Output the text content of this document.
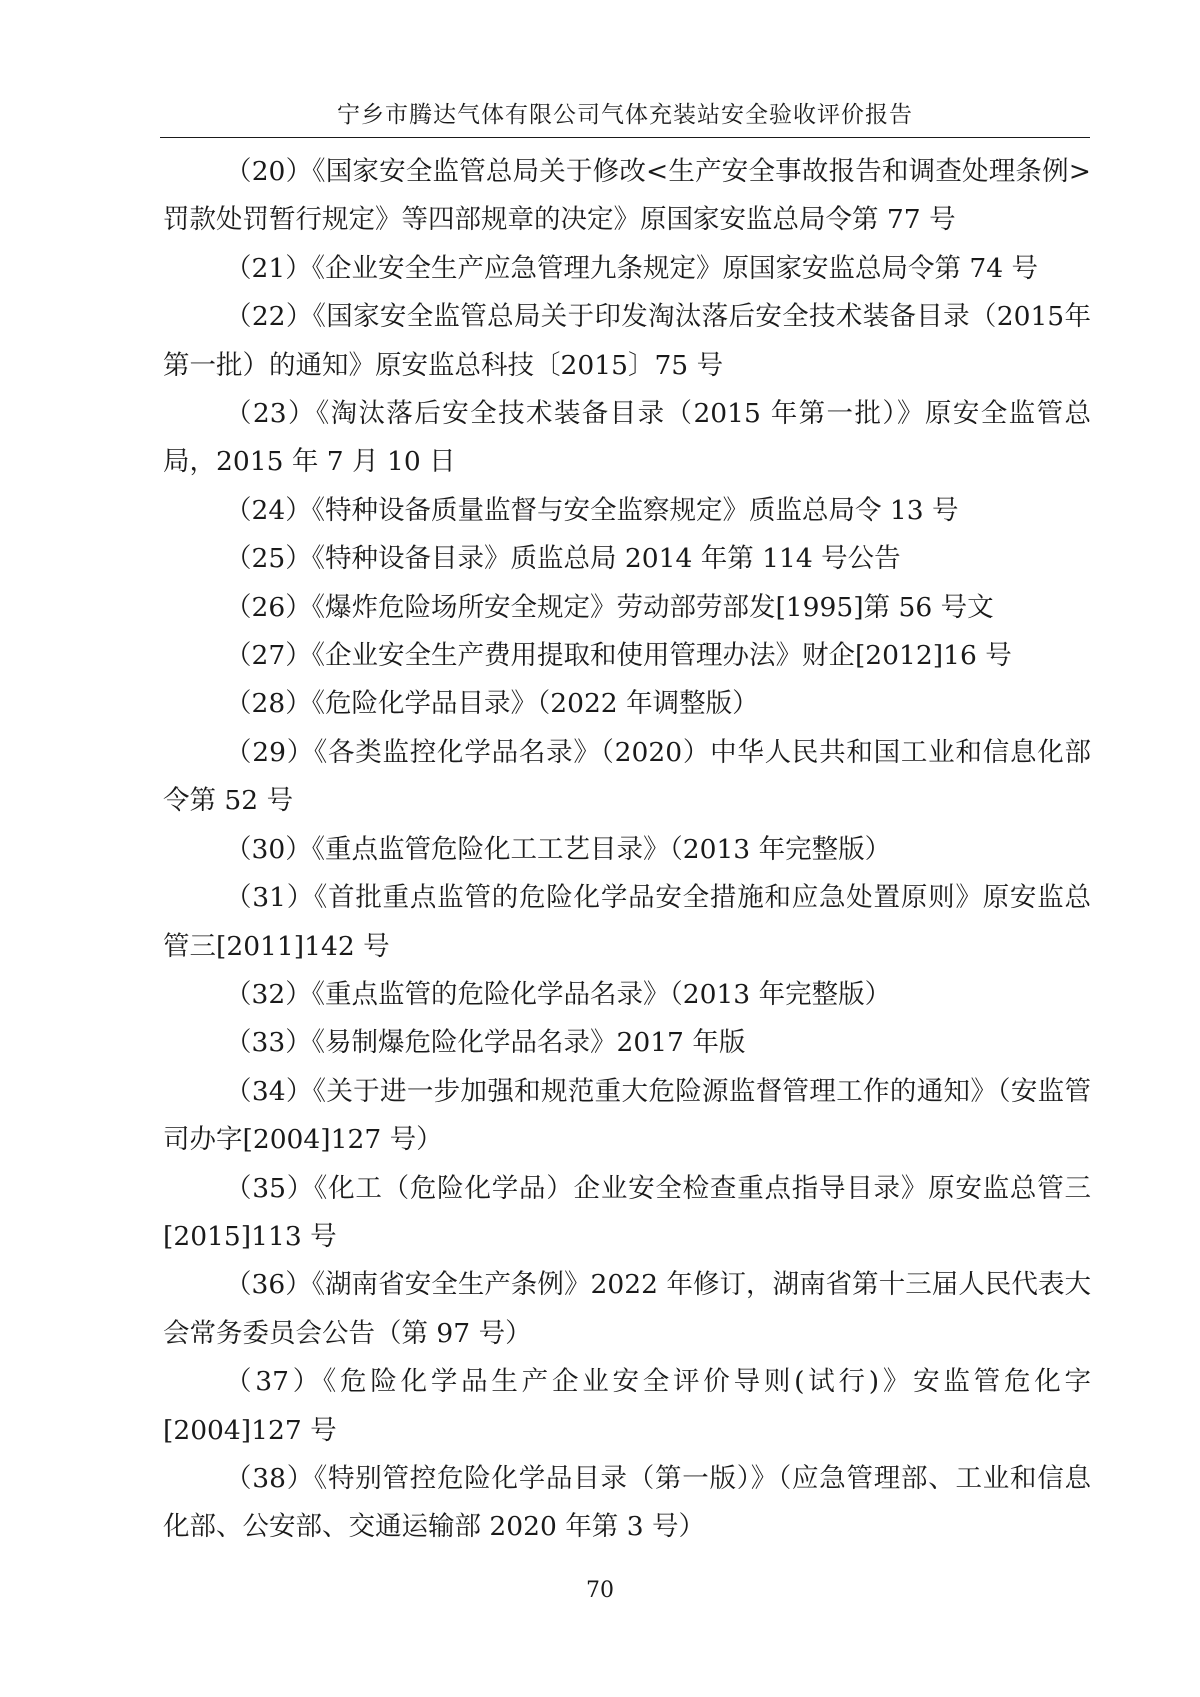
宁乡市腾达气体有限公司气体充装站安全验收评价报告

（20）《国家安全监管总局关于修改<生产安全事故报告和调查处理条例>罚款处罚暂行规定》等四部规章的决定》原国家安监总局令第 77 号

（21）《企业安全生产应急管理九条规定》原国家安监总局令第 74 号

（22）《国家安全监管总局关于印发淘汰落后安全技术装备目录（2015年第一批）的通知》原安监总科技〔2015〕75 号

（23）《淘汰落后安全技术装备目录（2015 年第一批）》原安全监管总局，2015 年 7 月 10 日

（24）《特种设备质量监督与安全监察规定》质监总局令 13 号

（25）《特种设备目录》质监总局 2014 年第 114 号公告

（26）《爆炸危险场所安全规定》劳动部劳部发[1995]第 56 号文

（27）《企业安全生产费用提取和使用管理办法》财企[2012]16 号

（28）《危险化学品目录》（2022 年调整版）

（29）《各类监控化学品名录》（2020）中华人民共和国工业和信息化部令第 52 号

（30）《重点监管危险化工工艺目录》（2013 年完整版）

（31）《首批重点监管的危险化学品安全措施和应急处置原则》原安监总管三[2011]142 号

（32）《重点监管的危险化学品名录》（2013 年完整版）

（33）《易制爆危险化学品名录》2017 年版

（34）《关于进一步加强和规范重大危险源监督管理工作的通知》（安监管司办字[2004]127 号）

（35）《化工（危险化学品）企业安全检查重点指导目录》原安监总管三[2015]113 号

（36）《湖南省安全生产条例》2022 年修订，湖南省第十三届人民代表大会常务委员会公告（第 97 号）

（37）《危险化学品生产企业安全评价导则(试行)》安监管危化字[2004]127 号

（38）《特别管控危险化学品目录（第一版）》（应急管理部、工业和信息化部、公安部、交通运输部 2020 年第 3 号）

70
